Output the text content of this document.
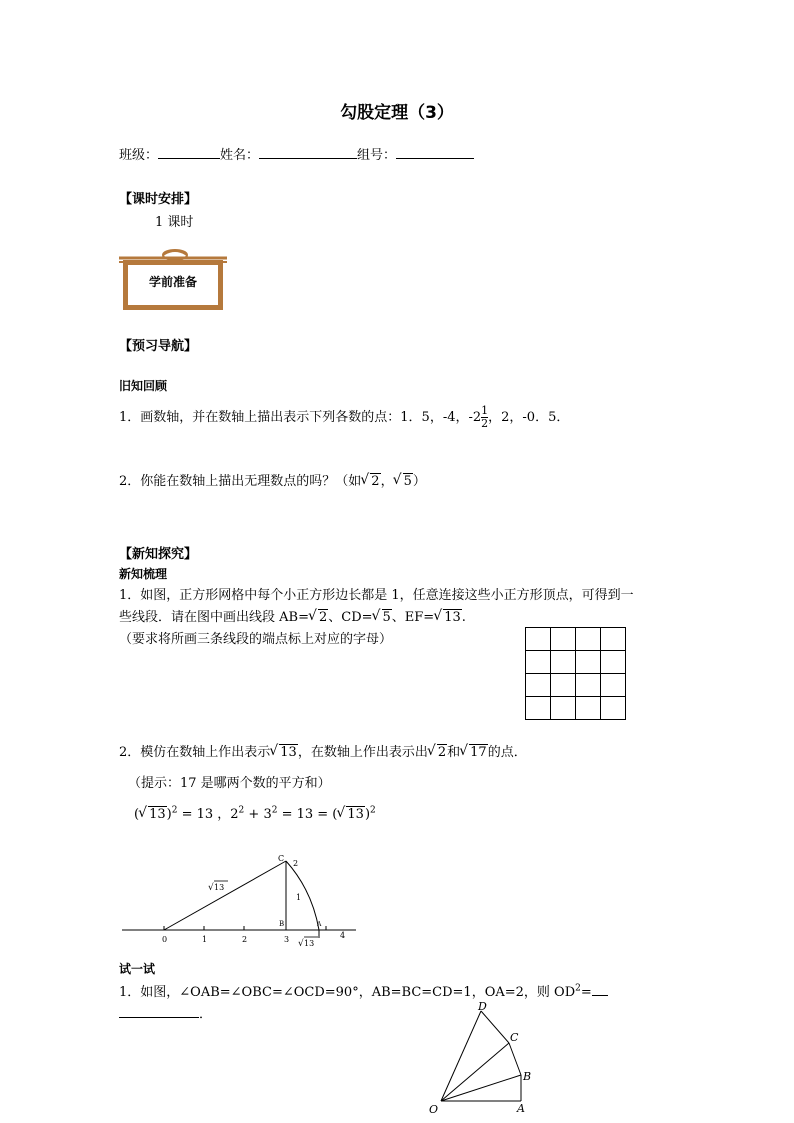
勾股定理（3）
班级：	姓名：	组号：
【课时安排】
1 课时
学前准备
【预习导航】
旧知回顾
1．画数轴，并在数轴上描出表示下列各数的点：1．5，-4，$-2 \frac{1}{2}$ ，2，-0．5．
2．你能在数轴上描出无理数点的吗？（如 √ 2， √ 5）
【新知探究】
新知梳理
1．如图，正方形网格中每个小正方形边长都是 1，任意连接这些小正方形顶点，可得到一
些线段．请在图中画出线段 AB= √ 2、CD= √ 5、EF= √ 13.
（要求将所画三条线段的端点标上对应的字母）
2．模仿在数轴上作出表示 √ 13，在数轴上作出表示出 √ 2和 √ 17的点．
（提示：17 是哪两个数的平方和）
( √ 13)$^2$ = 13 ，$2^2 + 3^2 = 13$ = ( √ 13)$^2$
0	1	2
B
3
A
4
C
2
1
√ 13
√ 13
试一试
1．如图，∠OAB=∠OBC=∠OCD=90°，AB=BC=CD=1，OA=2，则 $OD^2=$
．
D
C
B
O	A
